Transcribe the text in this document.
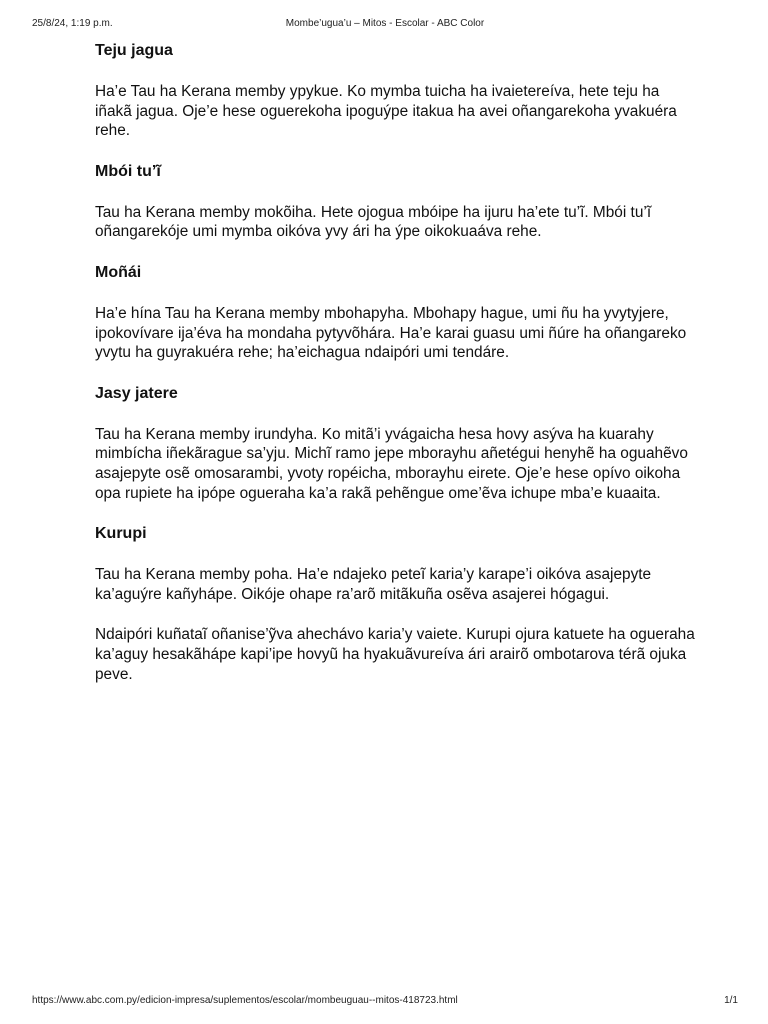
25/8/24, 1:19 p.m.	Mombe’ugua’u – Mitos - Escolar - ABC Color
Teju jagua

Ha’e Tau ha Kerana memby ypykue. Ko mymba tuicha ha ivaietereíva, hete teju ha iñakã jagua. Oje’e hese oguerekoha ipoguýpe itakua ha avei oñangarekoha yvakuéra rehe.

Mbói tu’ĩ

Tau ha Kerana memby mokõiha. Hete ojogua mbóipe ha ijuru ha’ete tu’ĩ. Mbói tu’ĩ oñangarekóje umi mymba oikóva yvy ári ha ýpe oikokuaáva rehe.

Moñái

Ha’e hína Tau ha Kerana memby mbohapyha. Mbohapy hague, umi ñu ha yvytyjere, ipokovívare ija’éva ha mondaha pytyvõhára. Ha’e karai guasu umi ñúre ha oñangareko yvytu ha guyrakuéra rehe; ha’eichagua ndaipóri umi tendáre.

Jasy jatere

Tau ha Kerana memby irundyha. Ko mitã’i yvágaicha hesa hovy asýva ha kuarahy mimbícha iñekãrague sa’yju. Michĩ ramo jepe mborayhu añetégui henyhẽ ha oguahẽvo asajepyte osẽ omosarambi, yvoty ropéicha, mborayhu eirete. Oje’e hese opívo oikoha opa rupiete ha ipópe ogueraha ka’a rakã pehẽngue ome’ẽva ichupe mba’e kuaaita.

Kurupi

Tau ha Kerana memby poha. Ha’e ndajeko peteĩ karia’y karape’i oikóva asajepyte ka’aguýre kañyhápe. Oikóje ohape ra’arõ mitãkuña osẽva asajerei hógagui.

Ndaipóri kuñataĩ oñanise’ỹva ahechávo karia’y vaiete. Kurupi ojura katuete ha ogueraha ka’aguy hesakãhápe kapi’ipe hovyũ ha hyakuãvureíva ári arairõ ombotarova térã ojuka peve.

https://www.abc.com.py/edicion-impresa/suplementos/escolar/mombeuguau--mitos-418723.html	1/1
